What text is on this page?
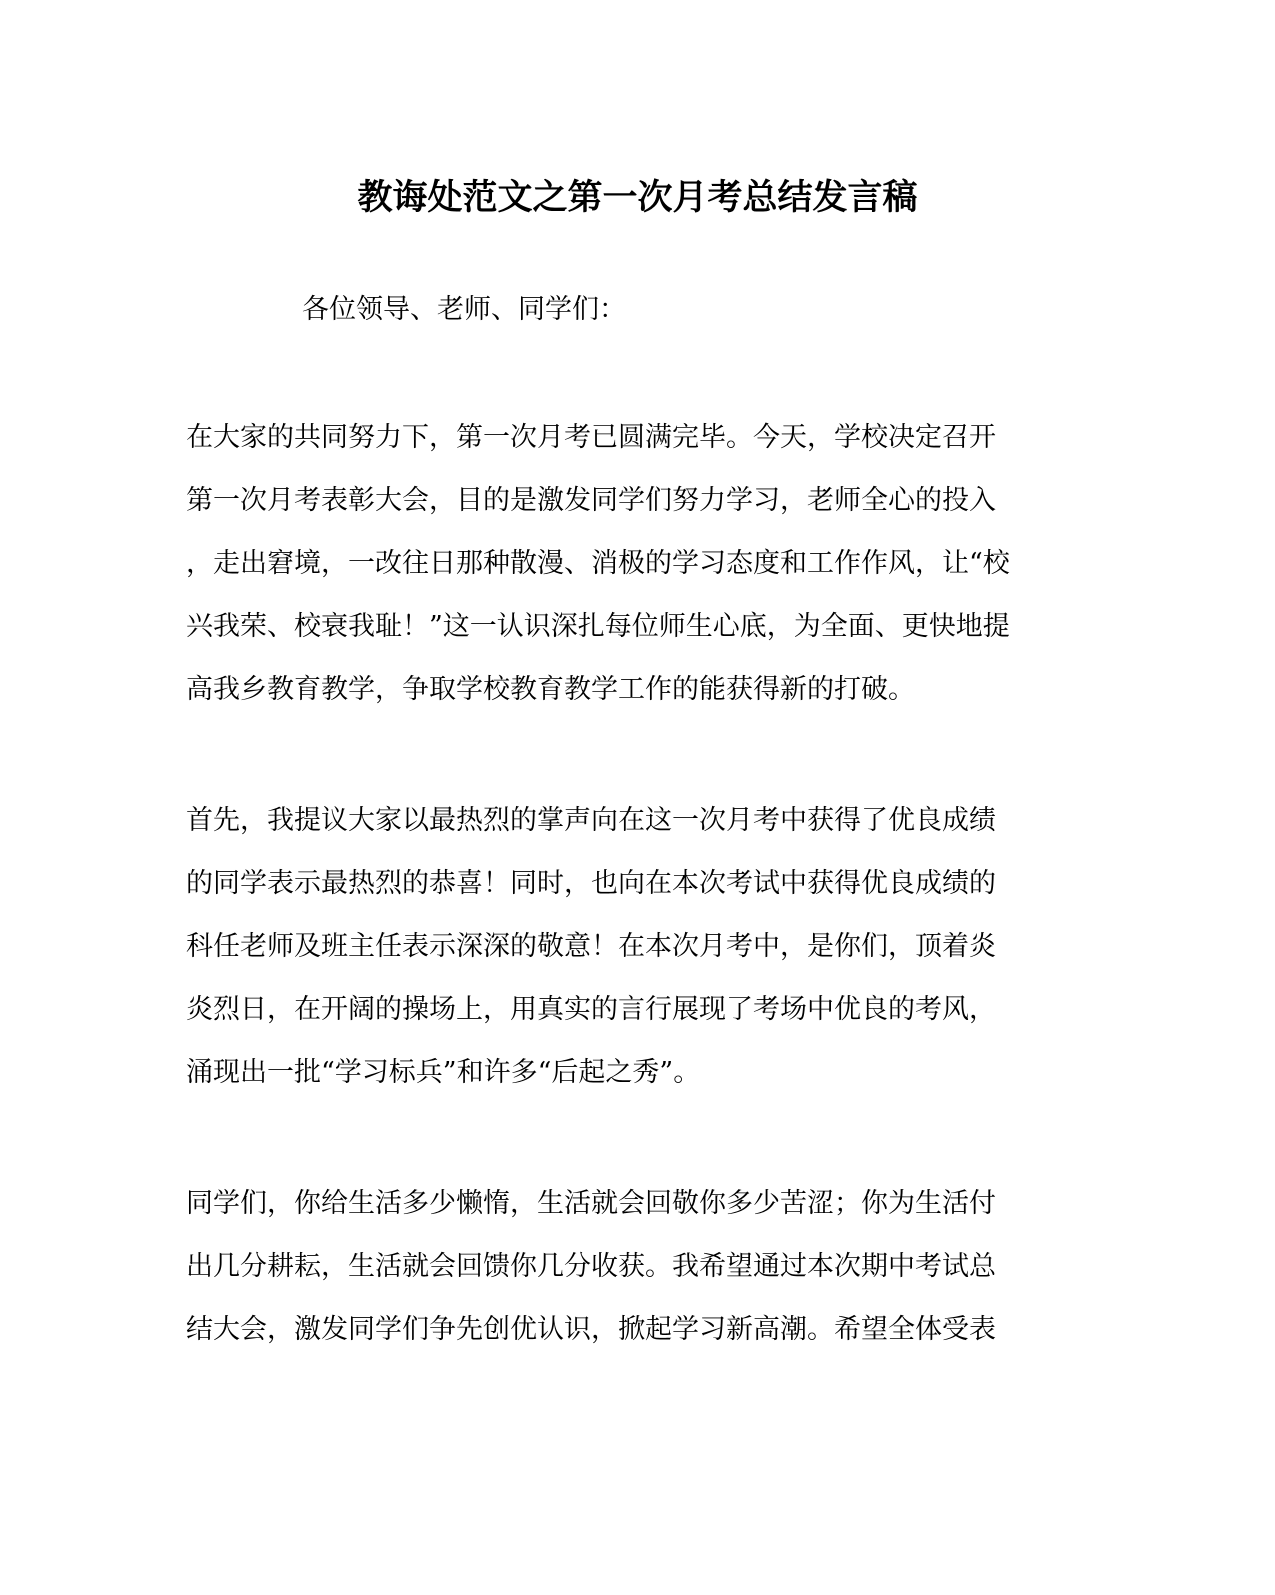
教诲处范文之第一次月考总结发言稿

各位领导、老师、同学们：

在大家的共同努力下，第一次月考已圆满完毕。今天，学校决定召开
第一次月考表彰大会，目的是激发同学们努力学习，老师全心的投入
，走出窘境，一改往日那种散漫、消极的学习态度和工作作风，让“校
兴我荣、校衰我耻！”这一认识深扎每位师生心底，为全面、更快地提
高我乡教育教学，争取学校教育教学工作的能获得新的打破。
首先，我提议大家以最热烈的掌声向在这一次月考中获得了优良成绩
的同学表示最热烈的恭喜！同时，也向在本次考试中获得优良成绩的
科任老师及班主任表示深深的敬意！在本次月考中，是你们，顶着炎
炎烈日，在开阔的操场上，用真实的言行展现了考场中优良的考风，
涌现出一批“学习标兵”和许多“后起之秀”。
同学们，你给生活多少懒惰，生活就会回敬你多少苦涩；你为生活付
出几分耕耘，生活就会回馈你几分收获。我希望通过本次期中考试总
结大会，激发同学们争先创优认识，掀起学习新高潮。希望全体受表
